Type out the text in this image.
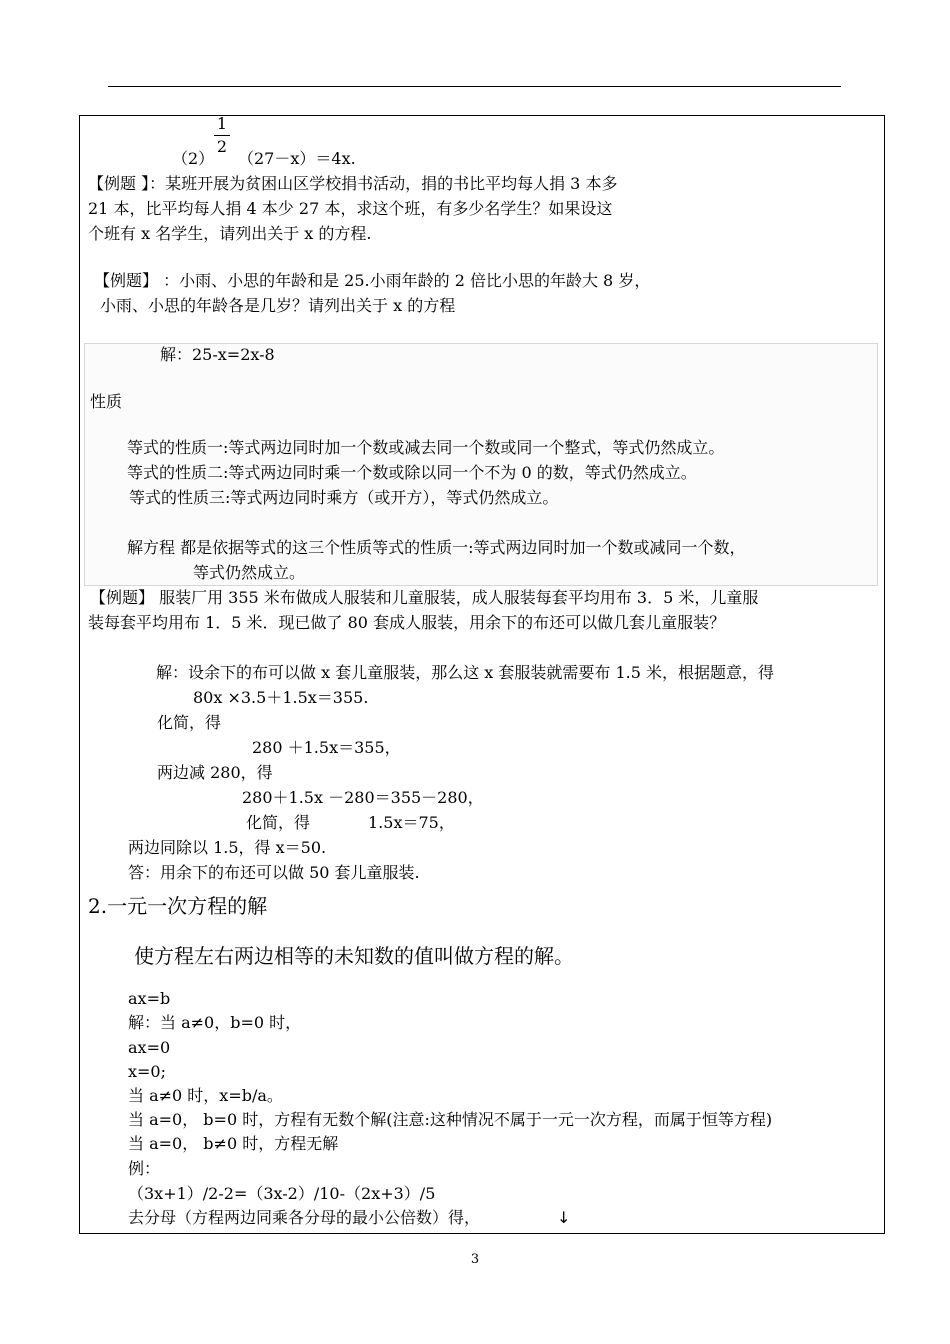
（2）
1
2
（27－x）＝4x.
【例题 】：某班开展为贫困山区学校捐书活动，捐的书比平均每人捐 3 本多
21 本，比平均每人捐 4 本少 27 本，求这个班，有多少名学生？如果设这
个班有 x 名学生，请列出关于 x 的方程.
【例题】 ：小雨、小思的年龄和是 25.小雨年龄的 2 倍比小思的年龄大 8 岁，
小雨、小思的年龄各是几岁？请列出关于 x 的方程
解：25-x=2x-8
性质
等式的性质一:等式两边同时加一个数或减去同一个数或同一个整式，等式仍然成立。
等式的性质二:等式两边同时乘一个数或除以同一个不为 0 的数，等式仍然成立。
等式的性质三:等式两边同时乘方（或开方），等式仍然成立。
解方程 都是依据等式的这三个性质等式的性质一:等式两边同时加一个数或减同一个数，
等式仍然成立。
【例题】 服装厂用 355 米布做成人服装和儿童服装，成人服装每套平均用布 3．5 米，儿童服
装每套平均用布 1．5 米．现已做了 80 套成人服装，用余下的布还可以做几套儿童服装？
解：设余下的布可以做 x 套儿童服装，那么这 x 套服装就需要布 1.5 米，根据题意，得
80x ×3.5＋1.5x＝355.
化简，得
280 ＋1.5x＝355，
两边减 280，得
280＋1.5x －280＝355－280，
化简，得	1.5x＝75，
两边同除以 1.5，得 x＝50.
答：用余下的布还可以做 50 套儿童服装.
2.一元一次方程的解
使方程左右两边相等的未知数的值叫做方程的解。
ax=b
解：当 a≠0，b=0 时，
ax=0
x=0;
当 a≠0 时，x=b/a。
当 a=0， b=0 时，方程有无数个解(注意:这种情况不属于一元一次方程，而属于恒等方程)
当 a=0， b≠0 时，方程无解
例：
（3x+1）/2-2=（3x-2）/10-（2x+3）/5
去分母（方程两边同乘各分母的最小公倍数）得，	↓
3
